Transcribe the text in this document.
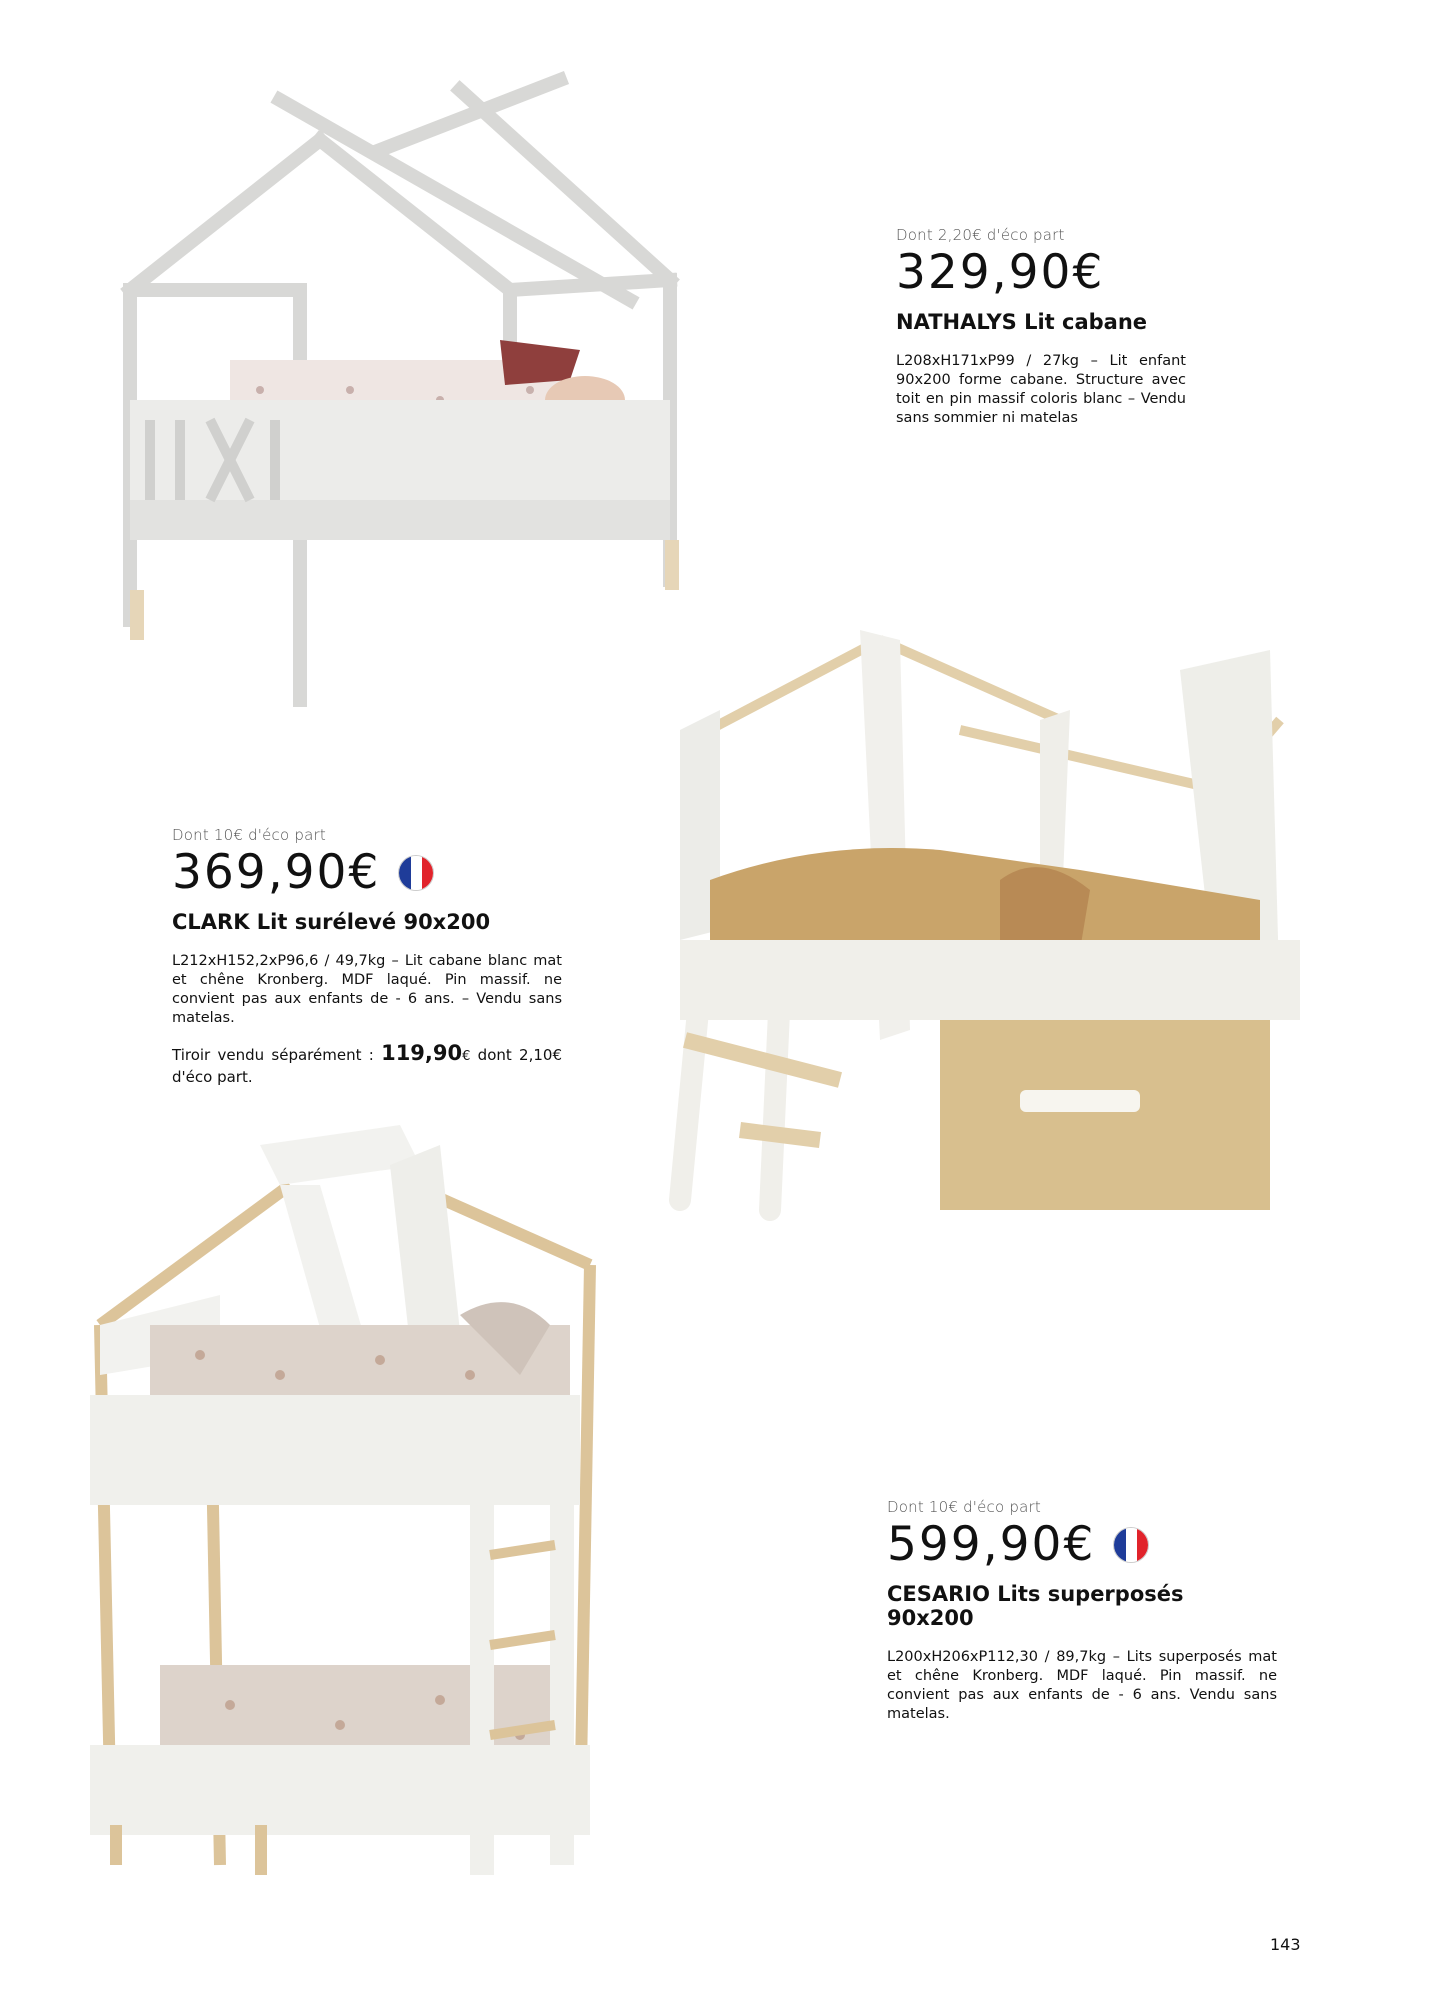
Dont 2,20€ d'éco part
329,90€
NATHALYS Lit cabane
L208xH171xP99 / 27kg – Lit enfant 90x200 forme cabane. Structure avec toit en pin massif coloris blanc – Vendu sans sommier ni matelas
Dont 10€ d'éco part
369,90€
CLARK Lit surélevé 90x200
L212xH152,2xP96,6 / 49,7kg – Lit cabane blanc mat et chêne Kronberg. MDF laqué. Pin massif. ne convient pas aux enfants de - 6 ans. – Vendu sans matelas.
Tiroir vendu séparément : 119,90€ dont 2,10€ d'éco part.
Dont 10€ d'éco part
599,90€
CESARIO Lits superposés 90x200
L200xH206xP112,30 / 89,7kg – Lits superposés mat et chêne Kronberg. MDF laqué. Pin massif. ne convient pas aux enfants de - 6 ans. Vendu sans matelas.
143
